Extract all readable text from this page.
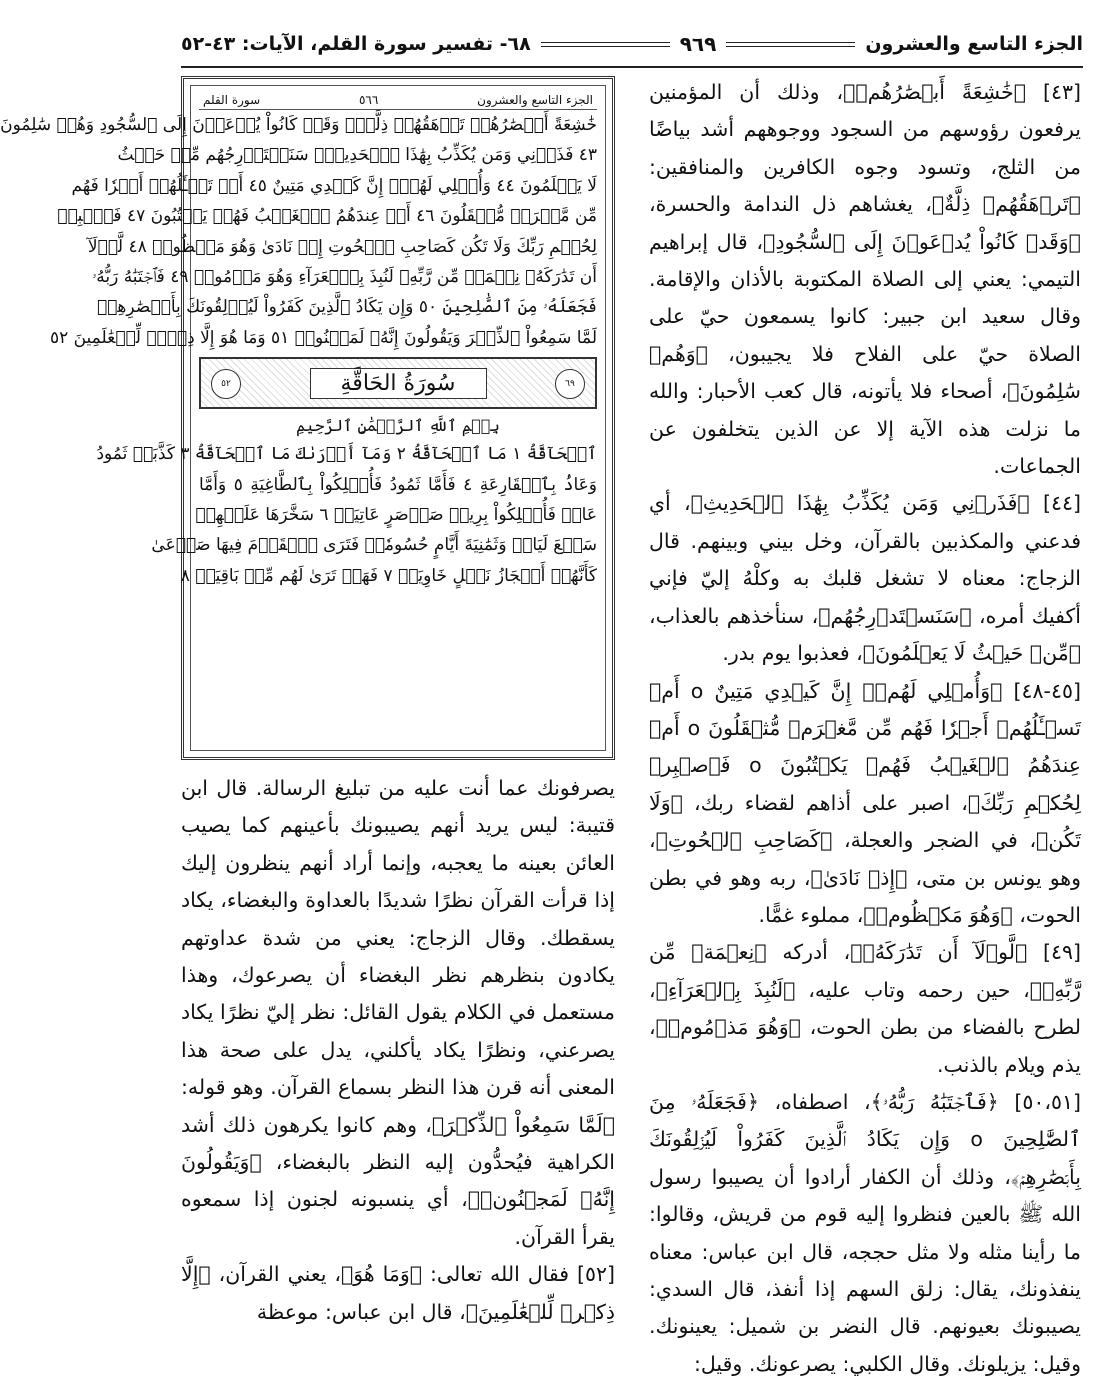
الجزء التاسع والعشرون
٩٦٩
٦٨- تفسير سورة القلم، الآيات: ٤٣-٥٢

[٤٣] ﴿خَٰشِعَةً أَبۡصَٰرُهُمۡ﴾، وذلك أن المؤمنين يرفعون رؤوسهم من السجود ووجوههم أشد بياضًا من الثلج، وتسود وجوه الكافرين والمنافقين: ﴿تَرۡهَقُهُمۡ ذِلَّةٌ﴾، يغشاهم ذل الندامة والحسرة، ﴿وَقَدۡ كَانُواْ يُدۡعَوۡنَ إِلَى ٱلسُّجُودِ﴾، قال إبراهيم التيمي: يعني إلى الصلاة المكتوبة بالأذان والإقامة. وقال سعيد ابن جبير: كانوا يسمعون حيّ على الصلاة حيّ على الفلاح فلا يجيبون، ﴿وَهُمۡ سَٰلِمُونَ﴾، أصحاء فلا يأتونه، قال كعب الأحبار: والله ما نزلت هذه الآية إلا عن الذين يتخلفون عن الجماعات.

[٤٤] ﴿فَذَرۡنِي وَمَن يُكَذِّبُ بِهَٰذَا ٱلۡحَدِيثِ﴾، أي فدعني والمكذبين بالقرآن، وخل بيني وبينهم. قال الزجاج: معناه لا تشغل قلبك به وكلْهُ إليّ فإني أكفيك أمره، ﴿سَنَسۡتَدۡرِجُهُم﴾، سنأخذهم بالعذاب، ﴿مِّنۡ حَيۡثُ لَا يَعۡلَمُونَ﴾، فعذبوا يوم بدر.

[٤٥-٤٨] ﴿وَأُمۡلِي لَهُمۡۚ إِنَّ كَيۡدِي مَتِينٌ o أَمۡ تَسۡـَٔلُهُمۡ أَجۡرٗا فَهُم مِّن مَّغۡرَمٖ مُّثۡقَلُونَ o أَمۡ عِندَهُمُ ٱلۡغَيۡبُ فَهُمۡ يَكۡتُبُونَ o فَٱصۡبِرۡ لِحُكۡمِ رَبِّكَ﴾، اصبر على أذاهم لقضاء ربك، ﴿وَلَا تَكُن﴾، في الضجر والعجلة، ﴿كَصَاحِبِ ٱلۡحُوتِ﴾، وهو يونس بن متى، ﴿إِذۡ نَادَىٰ﴾، ربه وهو في بطن الحوت، ﴿وَهُوَ مَكۡظُومٞ﴾، مملوء غمًّا.

[٤٩] ﴿لَّوۡلَآ أَن تَدَٰرَكَهُۥ﴾، أدركه ﴿نِعۡمَةٞ مِّن رَّبِّهِۦ﴾، حين رحمه وتاب عليه، ﴿لَنُبِذَ بِٱلۡعَرَآءِ﴾، لطرح بالفضاء من بطن الحوت، ﴿وَهُوَ مَذۡمُومٞ﴾، يذم ويلام بالذنب.

[٥٠،٥١] ﴿فَٱجۡتَبَٰهُ رَبُّهُۥ﴾، اصطفاه، ﴿فَجَعَلَهُۥ مِنَ ٱلصَّٰلِحِينَ o وَإِن يَكَادُ ٱلَّذِينَ كَفَرُواْ لَيُزۡلِقُونَكَ بِأَبۡصَٰرِهِمۡ﴾، وذلك أن الكفار أرادوا أن يصيبوا رسول الله ﷺ بالعين فنظروا إليه قوم من قريش، وقالوا: ما رأينا مثله ولا مثل حججه، قال ابن عباس: معناه ينفذونك، يقال: زلق السهم إذا أنفذ، قال السدي: يصيبونك بعيونهم. قال النضر بن شميل: يعينونك. وقيل: يزيلونك. وقال الكلبي: يصرعونك. وقيل:

الجزء التاسع والعشرون
٥٦٦
سورة القلم
خَٰشِعَةً أَبۡصَٰرُهُمۡ تَرۡهَقُهُمۡ ذِلَّةٌۖ وَقَدۡ كَانُواْ يُدۡعَوۡنَ إِلَى ٱلسُّجُودِ وَهُمۡ سَٰلِمُونَ
٤٣ فَذَرۡنِي وَمَن يُكَذِّبُ بِهَٰذَا ٱلۡحَدِيثِۖ سَنَسۡتَدۡرِجُهُم مِّنۡ حَيۡثُ
لَا يَعۡلَمُونَ ٤٤ وَأُمۡلِي لَهُمۡۚ إِنَّ كَيۡدِي مَتِينٌ ٤٥ أَمۡ تَسۡـَٔلُهُمۡ أَجۡرٗا فَهُم
مِّن مَّغۡرَمٖ مُّثۡقَلُونَ ٤٦ أَمۡ عِندَهُمُ ٱلۡغَيۡبُ فَهُمۡ يَكۡتُبُونَ ٤٧ فَٱصۡبِرۡ
لِحُكۡمِ رَبِّكَ وَلَا تَكُن كَصَاحِبِ ٱلۡحُوتِ إِذۡ نَادَىٰ وَهُوَ مَكۡظُومٞ ٤٨ لَّوۡلَآ
أَن تَدَٰرَكَهُۥ نِعۡمَةٞ مِّن رَّبِّهِۦ لَنُبِذَ بِٱلۡعَرَآءِ وَهُوَ مَذۡمُومٞ ٤٩ فَٱجۡتَبَٰهُ رَبُّهُۥ
فَجَعَلَهُۥ مِنَ ٱلصَّٰلِحِينَ ٥٠ وَإِن يَكَادُ ٱلَّذِينَ كَفَرُواْ لَيُزۡلِقُونَكَ بِأَبۡصَٰرِهِمۡ
لَمَّا سَمِعُواْ ٱلذِّكۡرَ وَيَقُولُونَ إِنَّهُۥ لَمَجۡنُونٞ ٥١ وَمَا هُوَ إِلَّا ذِكۡرٞ لِّلۡعَٰلَمِينَ ٥٢
٦٩
سُورَةُ الحَاقَّةِ
٥٢
بِسۡمِ ٱللَّهِ ٱلرَّحۡمَٰنِ ٱلرَّحِيمِ
ٱلۡحَآقَّةُ ١ مَا ٱلۡحَآقَّةُ ٢ وَمَآ أَدۡرَىٰكَ مَا ٱلۡحَآقَّةُ ٣ كَذَّبَتۡ ثَمُودُ
وَعَادُۢ بِٱلۡقَارِعَةِ ٤ فَأَمَّا ثَمُودُ فَأُهۡلِكُواْ بِٱلطَّاغِيَةِ ٥ وَأَمَّا
عَادٞ فَأُهۡلِكُواْ بِرِيحٖ صَرۡصَرٍ عَاتِيَةٖ ٦ سَخَّرَهَا عَلَيۡهِمۡ
سَبۡعَ لَيَالٖ وَثَمَٰنِيَةَ أَيَّامٍ حُسُومٗاۖ فَتَرَى ٱلۡقَوۡمَ فِيهَا صَرۡعَىٰ
كَأَنَّهُمۡ أَعۡجَازُ نَخۡلٍ خَاوِيَةٖ ٧ فَهَلۡ تَرَىٰ لَهُم مِّنۢ بَاقِيَةٖ ٨

يصرفونك عما أنت عليه من تبليغ الرسالة. قال ابن قتيبة: ليس يريد أنهم يصيبونك بأعينهم كما يصيب العائن بعينه ما يعجبه، وإنما أراد أنهم ينظرون إليك إذا قرأت القرآن نظرًا شديدًا بالعداوة والبغضاء، يكاد يسقطك. وقال الزجاج: يعني من شدة عداوتهم يكادون بنظرهم نظر البغضاء أن يصرعوك، وهذا مستعمل في الكلام يقول القائل: نظر إليّ نظرًا يكاد يصرعني، ونظرًا يكاد يأكلني، يدل على صحة هذا المعنى أنه قرن هذا النظر بسماع القرآن. وهو قوله: ﴿لَمَّا سَمِعُواْ ٱلذِّكۡرَ﴾، وهم كانوا يكرهون ذلك أشد الكراهية فيُحدُّون إليه النظر بالبغضاء، ﴿وَيَقُولُونَ إِنَّهُۥ لَمَجۡنُونٞ﴾، أي ينسبونه لجنون إذا سمعوه يقرأ القرآن.

[٥٢] فقال الله تعالى: ﴿وَمَا هُوَ﴾، يعني القرآن، ﴿إِلَّا ذِكۡرٞ لِّلۡعَٰلَمِينَ﴾، قال ابن عباس: موعظة
